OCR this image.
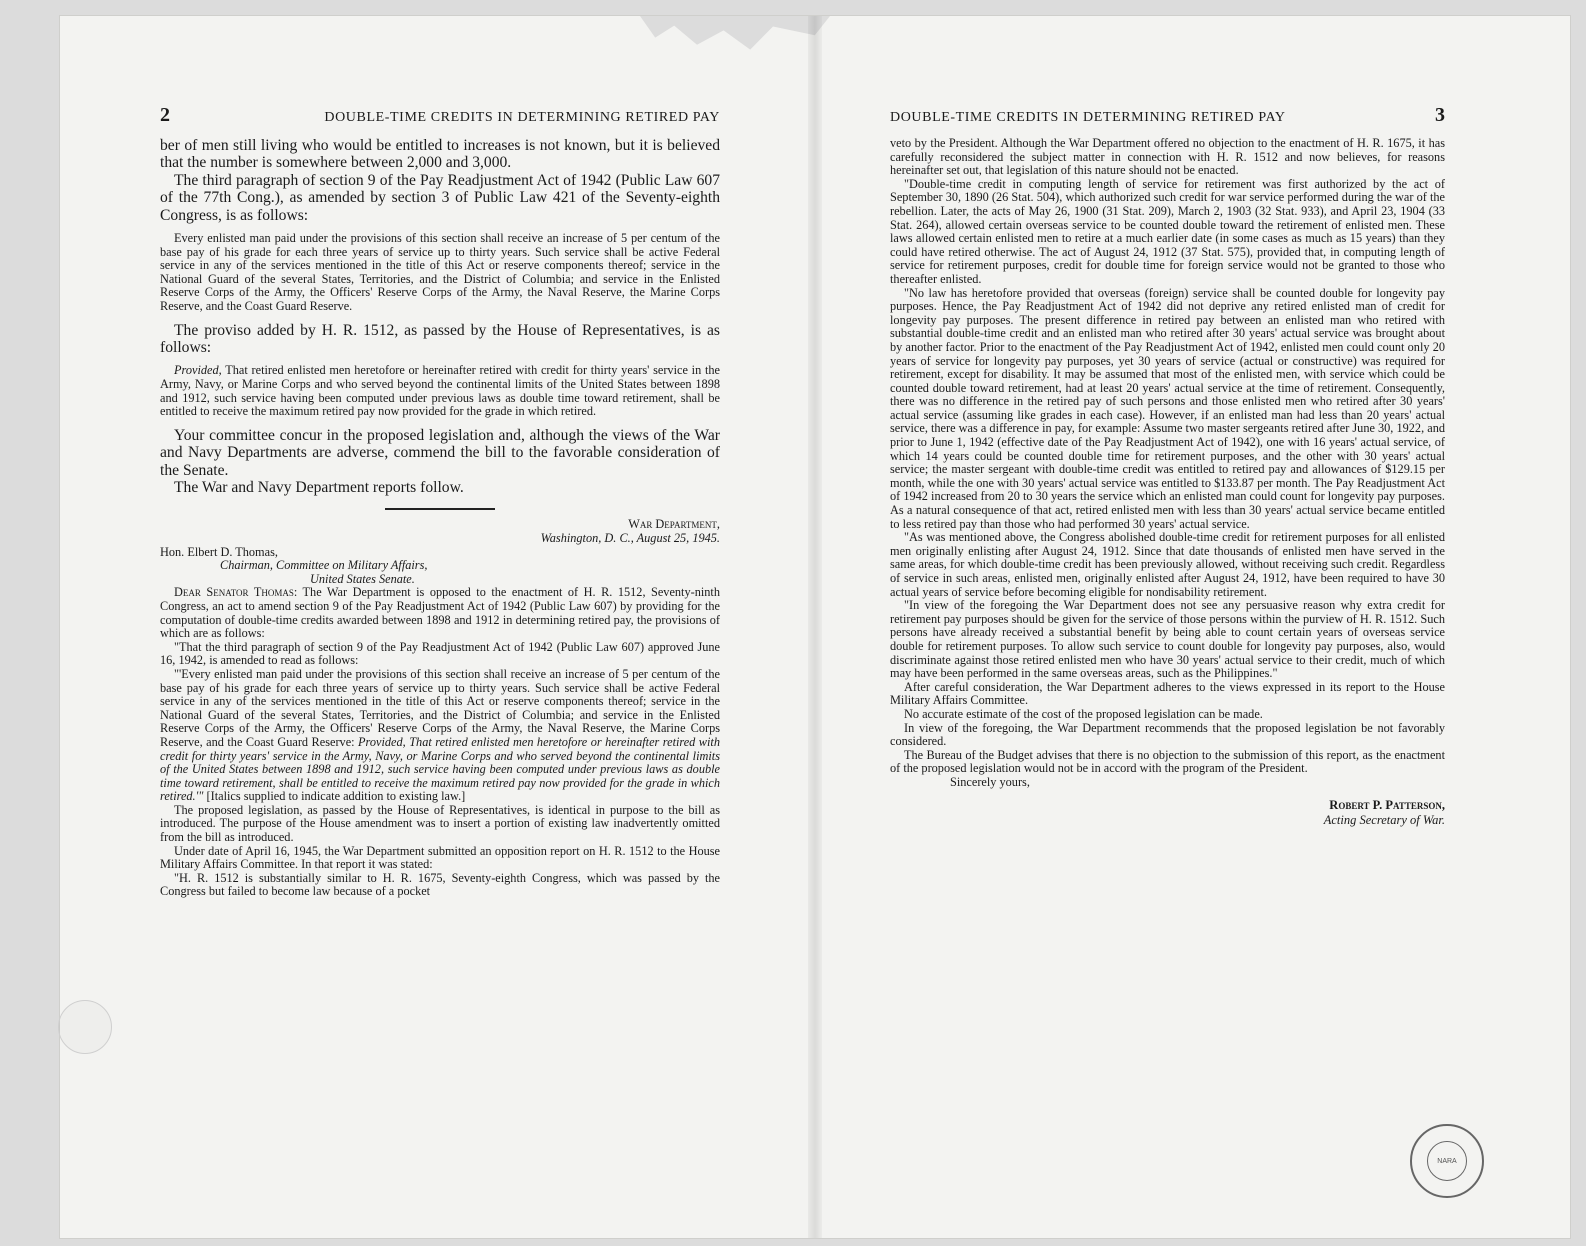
2	DOUBLE-TIME CREDITS IN DETERMINING RETIRED PAY

ber of men still living who would be entitled to increases is not known, but it is believed that the number is somewhere between 2,000 and 3,000.

The third paragraph of section 9 of the Pay Readjustment Act of 1942 (Public Law 607 of the 77th Cong.), as amended by section 3 of Public Law 421 of the Seventy-eighth Congress, is as follows:

Every enlisted man paid under the provisions of this section shall receive an increase of 5 per centum of the base pay of his grade for each three years of service up to thirty years. Such service shall be active Federal service in any of the services mentioned in the title of this Act or reserve components thereof; service in the National Guard of the several States, Territories, and the District of Columbia; and service in the Enlisted Reserve Corps of the Army, the Officers' Reserve Corps of the Army, the Naval Reserve, the Marine Corps Reserve, and the Coast Guard Reserve.

The proviso added by H. R. 1512, as passed by the House of Representatives, is as follows:

Provided, That retired enlisted men heretofore or hereinafter retired with credit for thirty years' service in the Army, Navy, or Marine Corps and who served beyond the continental limits of the United States between 1898 and 1912, such service having been computed under previous laws as double time toward retirement, shall be entitled to receive the maximum retired pay now provided for the grade in which retired.

Your committee concur in the proposed legislation and, although the views of the War and Navy Departments are adverse, commend the bill to the favorable consideration of the Senate.

The War and Navy Department reports follow.

War Department,

Washington, D. C., August 25, 1945.

Hon. Elbert D. Thomas,

Chairman, Committee on Military Affairs,

United States Senate.

Dear Senator Thomas: The War Department is opposed to the enactment of H. R. 1512, Seventy-ninth Congress, an act to amend section 9 of the Pay Readjustment Act of 1942 (Public Law 607) by providing for the computation of double-time credits awarded between 1898 and 1912 in determining retired pay, the provisions of which are as follows:

"That the third paragraph of section 9 of the Pay Readjustment Act of 1942 (Public Law 607) approved June 16, 1942, is amended to read as follows:

"'Every enlisted man paid under the provisions of this section shall receive an increase of 5 per centum of the base pay of his grade for each three years of service up to thirty years. Such service shall be active Federal service in any of the services mentioned in the title of this Act or reserve components thereof; service in the National Guard of the several States, Territories, and the District of Columbia; and service in the Enlisted Reserve Corps of the Army, the Officers' Reserve Corps of the Army, the Naval Reserve, the Marine Corps Reserve, and the Coast Guard Reserve: Provided, That retired enlisted men heretofore or hereinafter retired with credit for thirty years' service in the Army, Navy, or Marine Corps and who served beyond the continental limits of the United States between 1898 and 1912, such service having been computed under previous laws as double time toward retirement, shall be entitled to receive the maximum retired pay now provided for the grade in which retired.'" [Italics supplied to indicate addition to existing law.]

The proposed legislation, as passed by the House of Representatives, is identical in purpose to the bill as introduced. The purpose of the House amendment was to insert a portion of existing law inadvertently omitted from the bill as introduced.

Under date of April 16, 1945, the War Department submitted an opposition report on H. R. 1512 to the House Military Affairs Committee. In that report it was stated:

"H. R. 1512 is substantially similar to H. R. 1675, Seventy-eighth Congress, which was passed by the Congress but failed to become law because of a pocket

DOUBLE-TIME CREDITS IN DETERMINING RETIRED PAY	3

veto by the President. Although the War Department offered no objection to the enactment of H. R. 1675, it has carefully reconsidered the subject matter in connection with H. R. 1512 and now believes, for reasons hereinafter set out, that legislation of this nature should not be enacted.

"Double-time credit in computing length of service for retirement was first authorized by the act of September 30, 1890 (26 Stat. 504), which authorized such credit for war service performed during the war of the rebellion. Later, the acts of May 26, 1900 (31 Stat. 209), March 2, 1903 (32 Stat. 933), and April 23, 1904 (33 Stat. 264), allowed certain overseas service to be counted double toward the retirement of enlisted men. These laws allowed certain enlisted men to retire at a much earlier date (in some cases as much as 15 years) than they could have retired otherwise. The act of August 24, 1912 (37 Stat. 575), provided that, in computing length of service for retirement purposes, credit for double time for foreign service would not be granted to those who thereafter enlisted.

"No law has heretofore provided that overseas (foreign) service shall be counted double for longevity pay purposes. Hence, the Pay Readjustment Act of 1942 did not deprive any retired enlisted man of credit for longevity pay purposes. The present difference in retired pay between an enlisted man who retired with substantial double-time credit and an enlisted man who retired after 30 years' actual service was brought about by another factor. Prior to the enactment of the Pay Readjustment Act of 1942, enlisted men could count only 20 years of service for longevity pay purposes, yet 30 years of service (actual or constructive) was required for retirement, except for disability. It may be assumed that most of the enlisted men, with service which could be counted double toward retirement, had at least 20 years' actual service at the time of retirement. Consequently, there was no difference in the retired pay of such persons and those enlisted men who retired after 30 years' actual service (assuming like grades in each case). However, if an enlisted man had less than 20 years' actual service, there was a difference in pay, for example: Assume two master sergeants retired after June 30, 1922, and prior to June 1, 1942 (effective date of the Pay Readjustment Act of 1942), one with 16 years' actual service, of which 14 years could be counted double time for retirement purposes, and the other with 30 years' actual service; the master sergeant with double-time credit was entitled to retired pay and allowances of $129.15 per month, while the one with 30 years' actual service was entitled to $133.87 per month. The Pay Readjustment Act of 1942 increased from 20 to 30 years the service which an enlisted man could count for longevity pay purposes. As a natural consequence of that act, retired enlisted men with less than 30 years' actual service became entitled to less retired pay than those who had performed 30 years' actual service.

"As was mentioned above, the Congress abolished double-time credit for retirement purposes for all enlisted men originally enlisting after August 24, 1912. Since that date thousands of enlisted men have served in the same areas, for which double-time credit has been previously allowed, without receiving such credit. Regardless of service in such areas, enlisted men, originally enlisted after August 24, 1912, have been required to have 30 actual years of service before becoming eligible for nondisability retirement.

"In view of the foregoing the War Department does not see any persuasive reason why extra credit for retirement pay purposes should be given for the service of those persons within the purview of H. R. 1512. Such persons have already received a substantial benefit by being able to count certain years of overseas service double for retirement purposes. To allow such service to count double for longevity pay purposes, also, would discriminate against those retired enlisted men who have 30 years' actual service to their credit, much of which may have been performed in the same overseas areas, such as the Philippines."

After careful consideration, the War Department adheres to the views expressed in its report to the House Military Affairs Committee.

No accurate estimate of the cost of the proposed legislation can be made.

In view of the foregoing, the War Department recommends that the proposed legislation be not favorably considered.

The Bureau of the Budget advises that there is no objection to the submission of this report, as the enactment of the proposed legislation would not be in accord with the program of the President.

Sincerely yours,

Robert P. Patterson,

Acting Secretary of War.

NARA
